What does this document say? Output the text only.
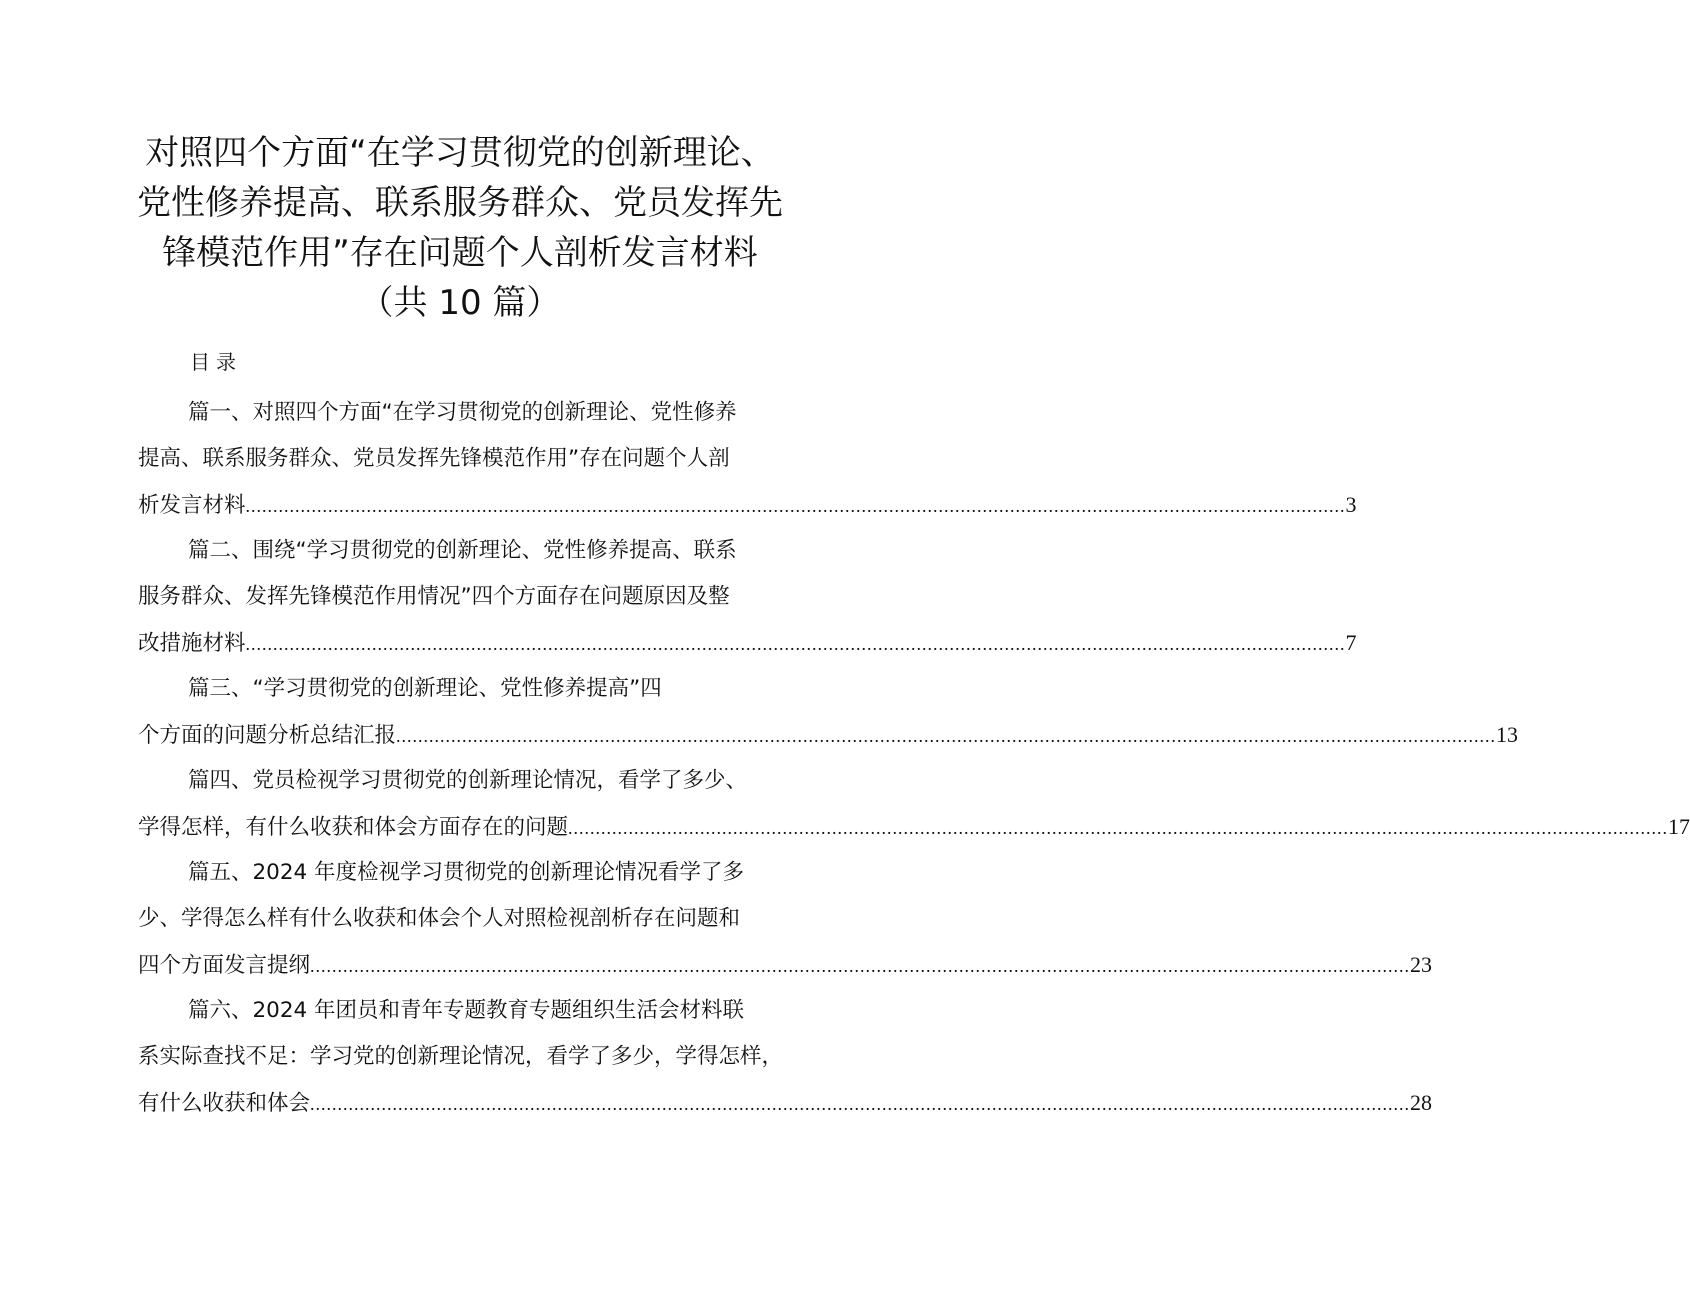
对照四个方面“在学习贯彻党的创新理论、
党性修养提高、联系服务群众、党员发挥先
锋模范作用”存在问题个人剖析发言材料
（共 10 篇）
目录
篇一、对照四个方面“在学习贯彻党的创新理论、党性修养
提高、联系服务群众、党员发挥先锋模范作用”存在问题个人剖
析发言材料 ........................................................................................................................................................................................................ 3
篇二、围绕“学习贯彻党的创新理论、党性修养提高、联系
服务群众、发挥先锋模范作用情况”四个方面存在问题原因及整
改措施材料 ........................................................................................................................................................................................................ 7
篇三、“学习贯彻党的创新理论、党性修养提高”四
个方面的问题分析总结汇报 ........................................................................................................................................................................................................ 13
篇四、党员检视学习贯彻党的创新理论情况，看学了多少、
学得怎样，有什么收获和体会方面存在的问题 ........................................................................................................................................................................................................ 17
篇五、2024 年度检视学习贯彻党的创新理论情况看学了多
少、学得怎么样有什么收获和体会个人对照检视剖析存在问题和
四个方面发言提纲 ........................................................................................................................................................................................................ 23
篇六、2024 年团员和青年专题教育专题组织生活会材料联
系实际查找不足：学习党的创新理论情况，看学了多少，学得怎样，
有什么收获和体会 ........................................................................................................................................................................................................ 28
